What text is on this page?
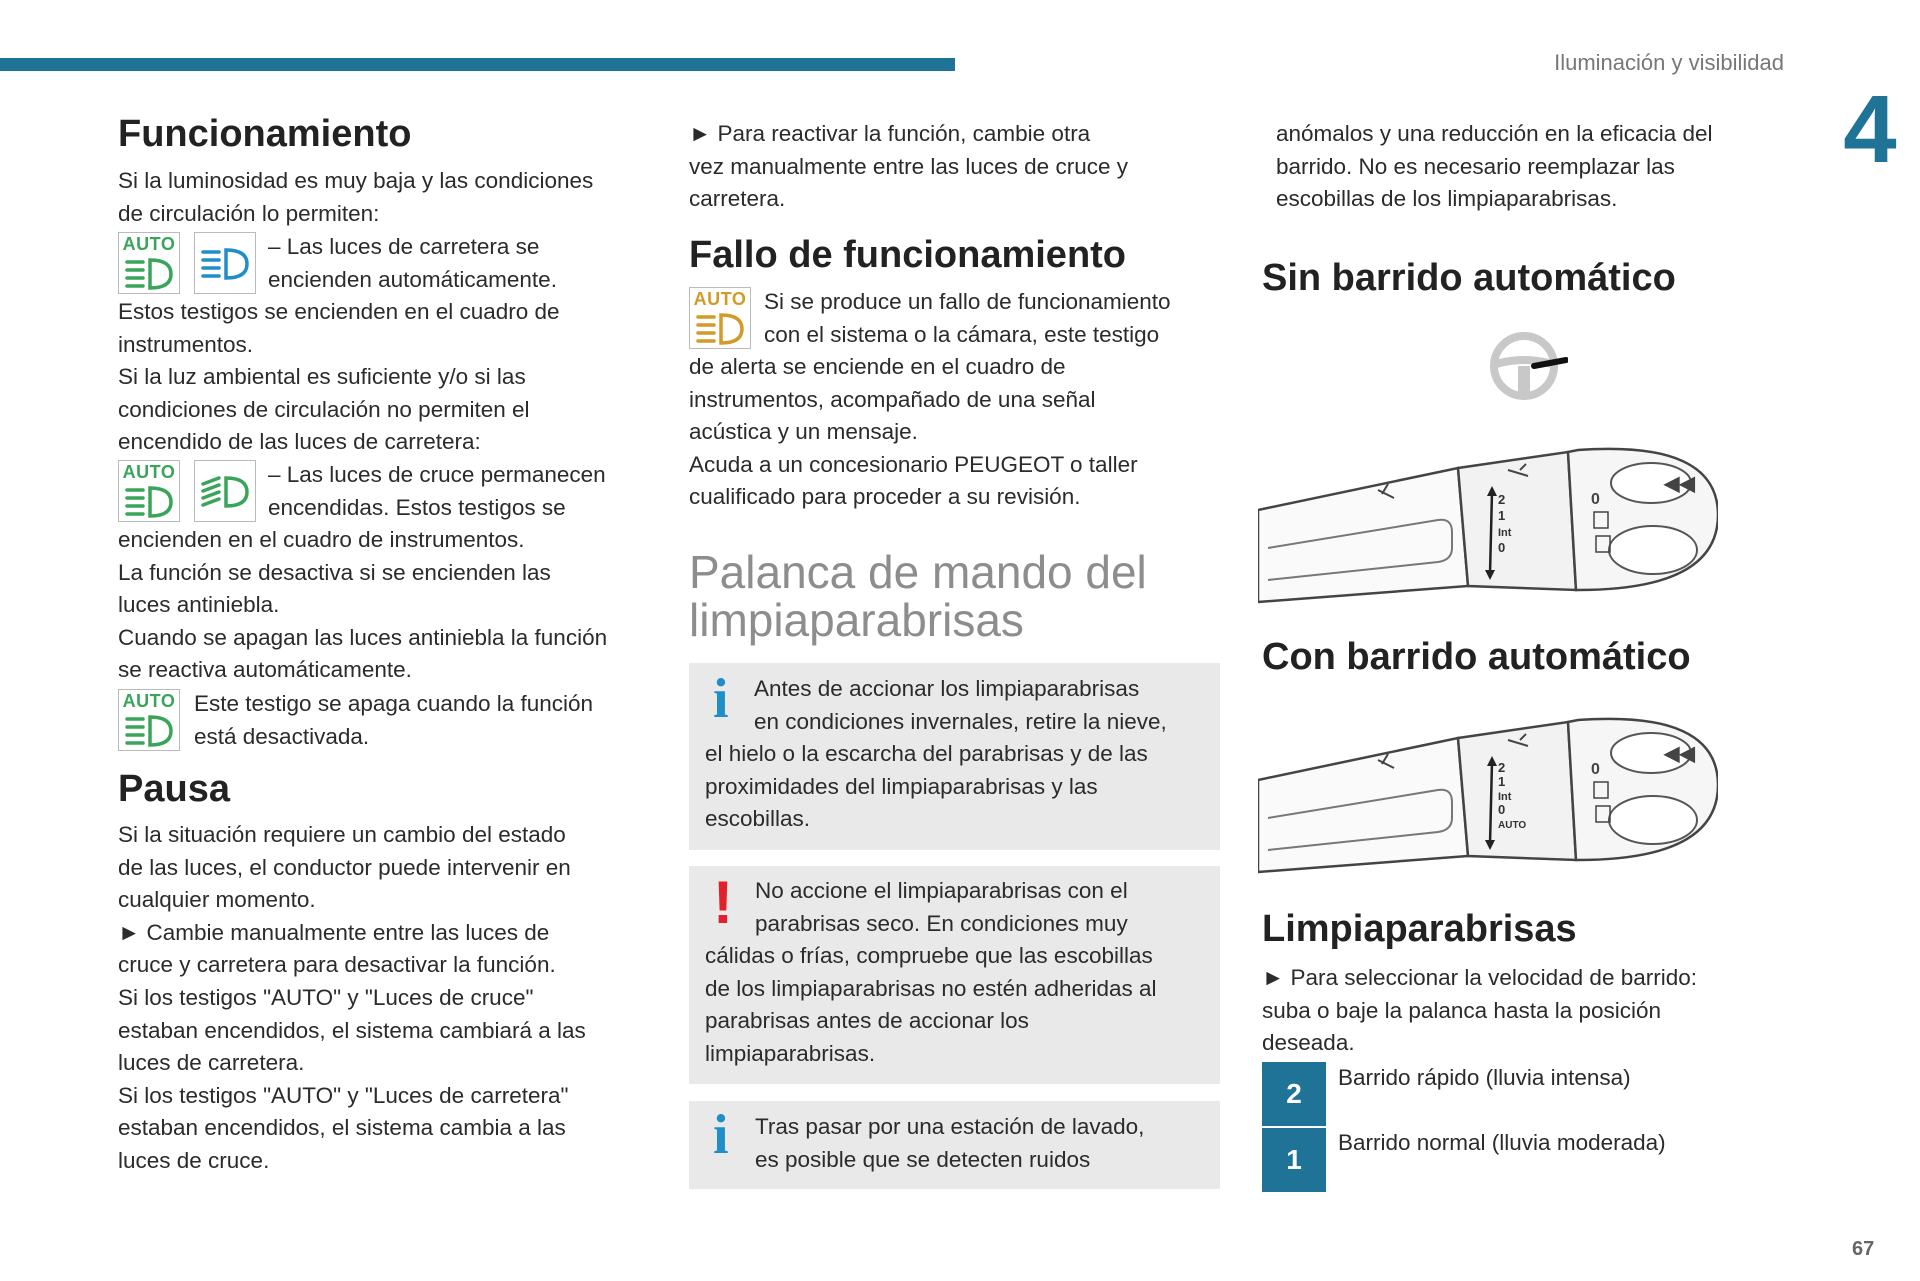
Iluminación y visibilidad
4
67
Funcionamiento
Si la luminosidad es muy baja y las condiciones
de circulación lo permiten:
AUTO	– Las luces de carretera se
encienden automáticamente.
Estos testigos se encienden en el cuadro de
instrumentos.
Si la luz ambiental es suficiente y/o si las
condiciones de circulación no permiten el
encendido de las luces de carretera:
AUTO	– Las luces de cruce permanecen
encendidas. Estos testigos se
encienden en el cuadro de instrumentos.
La función se desactiva si se encienden las
luces antiniebla.
Cuando se apagan las luces antiniebla la función
se reactiva automáticamente.
AUTO Este testigo se apaga cuando la función
está desactivada.
Pausa
Si la situación requiere un cambio del estado
de las luces, el conductor puede intervenir en
cualquier momento.
► Cambie manualmente entre las luces de
cruce y carretera para desactivar la función.
Si los testigos "AUTO" y "Luces de cruce"
estaban encendidos, el sistema cambiará a las
luces de carretera.
Si los testigos "AUTO" y "Luces de carretera"
estaban encendidos, el sistema cambia a las
luces de cruce.
► Para reactivar la función, cambie otra
vez manualmente entre las luces de cruce y
carretera.
Fallo de funcionamiento
AUTO Si se produce un fallo de funcionamiento
con el sistema o la cámara, este testigo
de alerta se enciende en el cuadro de
instrumentos, acompañado de una señal
acústica y un mensaje.
Acuda a un concesionario PEUGEOT o taller
cualificado para proceder a su revisión.
Palanca de mando del
limpiaparabrisas
i Antes de accionar los limpiaparabrisas
en condiciones invernales, retire la nieve,
el hielo o la escarcha del parabrisas y de las
proximidades del limpiaparabrisas y las
escobillas.
! No accione el limpiaparabrisas con el
parabrisas seco. En condiciones muy
cálidas o frías, compruebe que las escobillas
de los limpiaparabrisas no estén adheridas al
parabrisas antes de accionar los
limpiaparabrisas.
i Tras pasar por una estación de lavado,
es posible que se detecten ruidos
anómalos y una reducción en la eficacia del
barrido. No es necesario reemplazar las
escobillas de los limpiaparabrisas.
Sin barrido automático
◀◀
0
2
1
Int
0
Con barrido automático
◀◀
0
2
1
Int
0
AUTO
Limpiaparabrisas
► Para seleccionar la velocidad de barrido:
suba o baje la palanca hasta la posición
deseada.
2
Barrido rápido (lluvia intensa)
1
Barrido normal (lluvia moderada)
